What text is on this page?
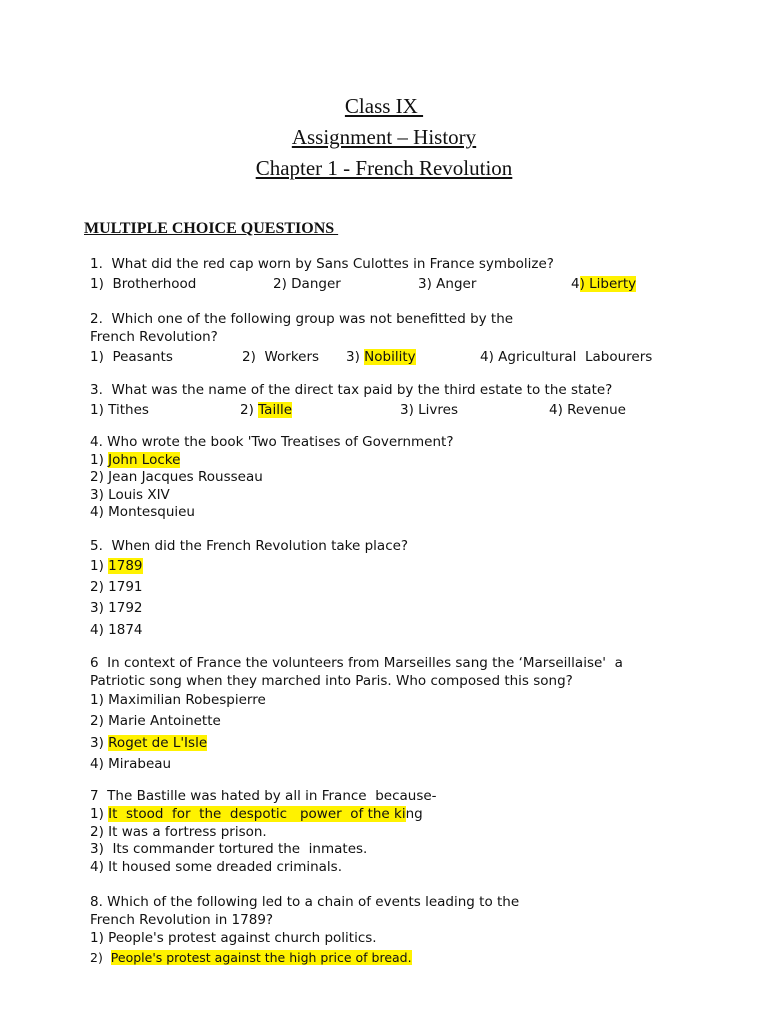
Class IX
Assignment – History
Chapter 1 - French Revolution
MULTIPLE CHOICE QUESTIONS
1.  What did the red cap worn by Sans Culottes in France symbolize?

1) Brotherhood

	2) Danger

	3) Anger

	4) Liberty

2.  Which one of the following group was not benefitted by the
French Revolution?

1) Peasants

	2) Workers

3) Nobility

	4) Agricultural  Labourers

3.  What was the name of the direct tax paid by the third estate to the state?

1) Tithes

	2) Taille

	3) Livres

	4) Revenue

4. Who wrote the book 'Two Treatises of Government?
1) John Locke
2) Jean Jacques Rousseau
3) Louis XIV
4) Montesquieu
5.  When did the French Revolution take place?
1) 1789
2) 1791
3) 1792
4) 1874
6  In context of France the volunteers from Marseilles sang the ‘Marseillaise'  a
Patriotic song when they marched into Paris. Who composed this song?
1) Maximilian Robespierre
2) Marie Antoinette
3) Roget de L'Isle
4) Mirabeau
7  The Bastille was hated by all in France  because-
1) It  stood  for  the  despotic   power  of the king
2) It was a fortress prison.
3)  Its commander tortured the  inmates.
4) It housed some dreaded criminals.
8. Which of the following led to a chain of events leading to the
French Revolution in 1789?
1) People's protest against church politics.
2) People's protest against the high price of bread.
